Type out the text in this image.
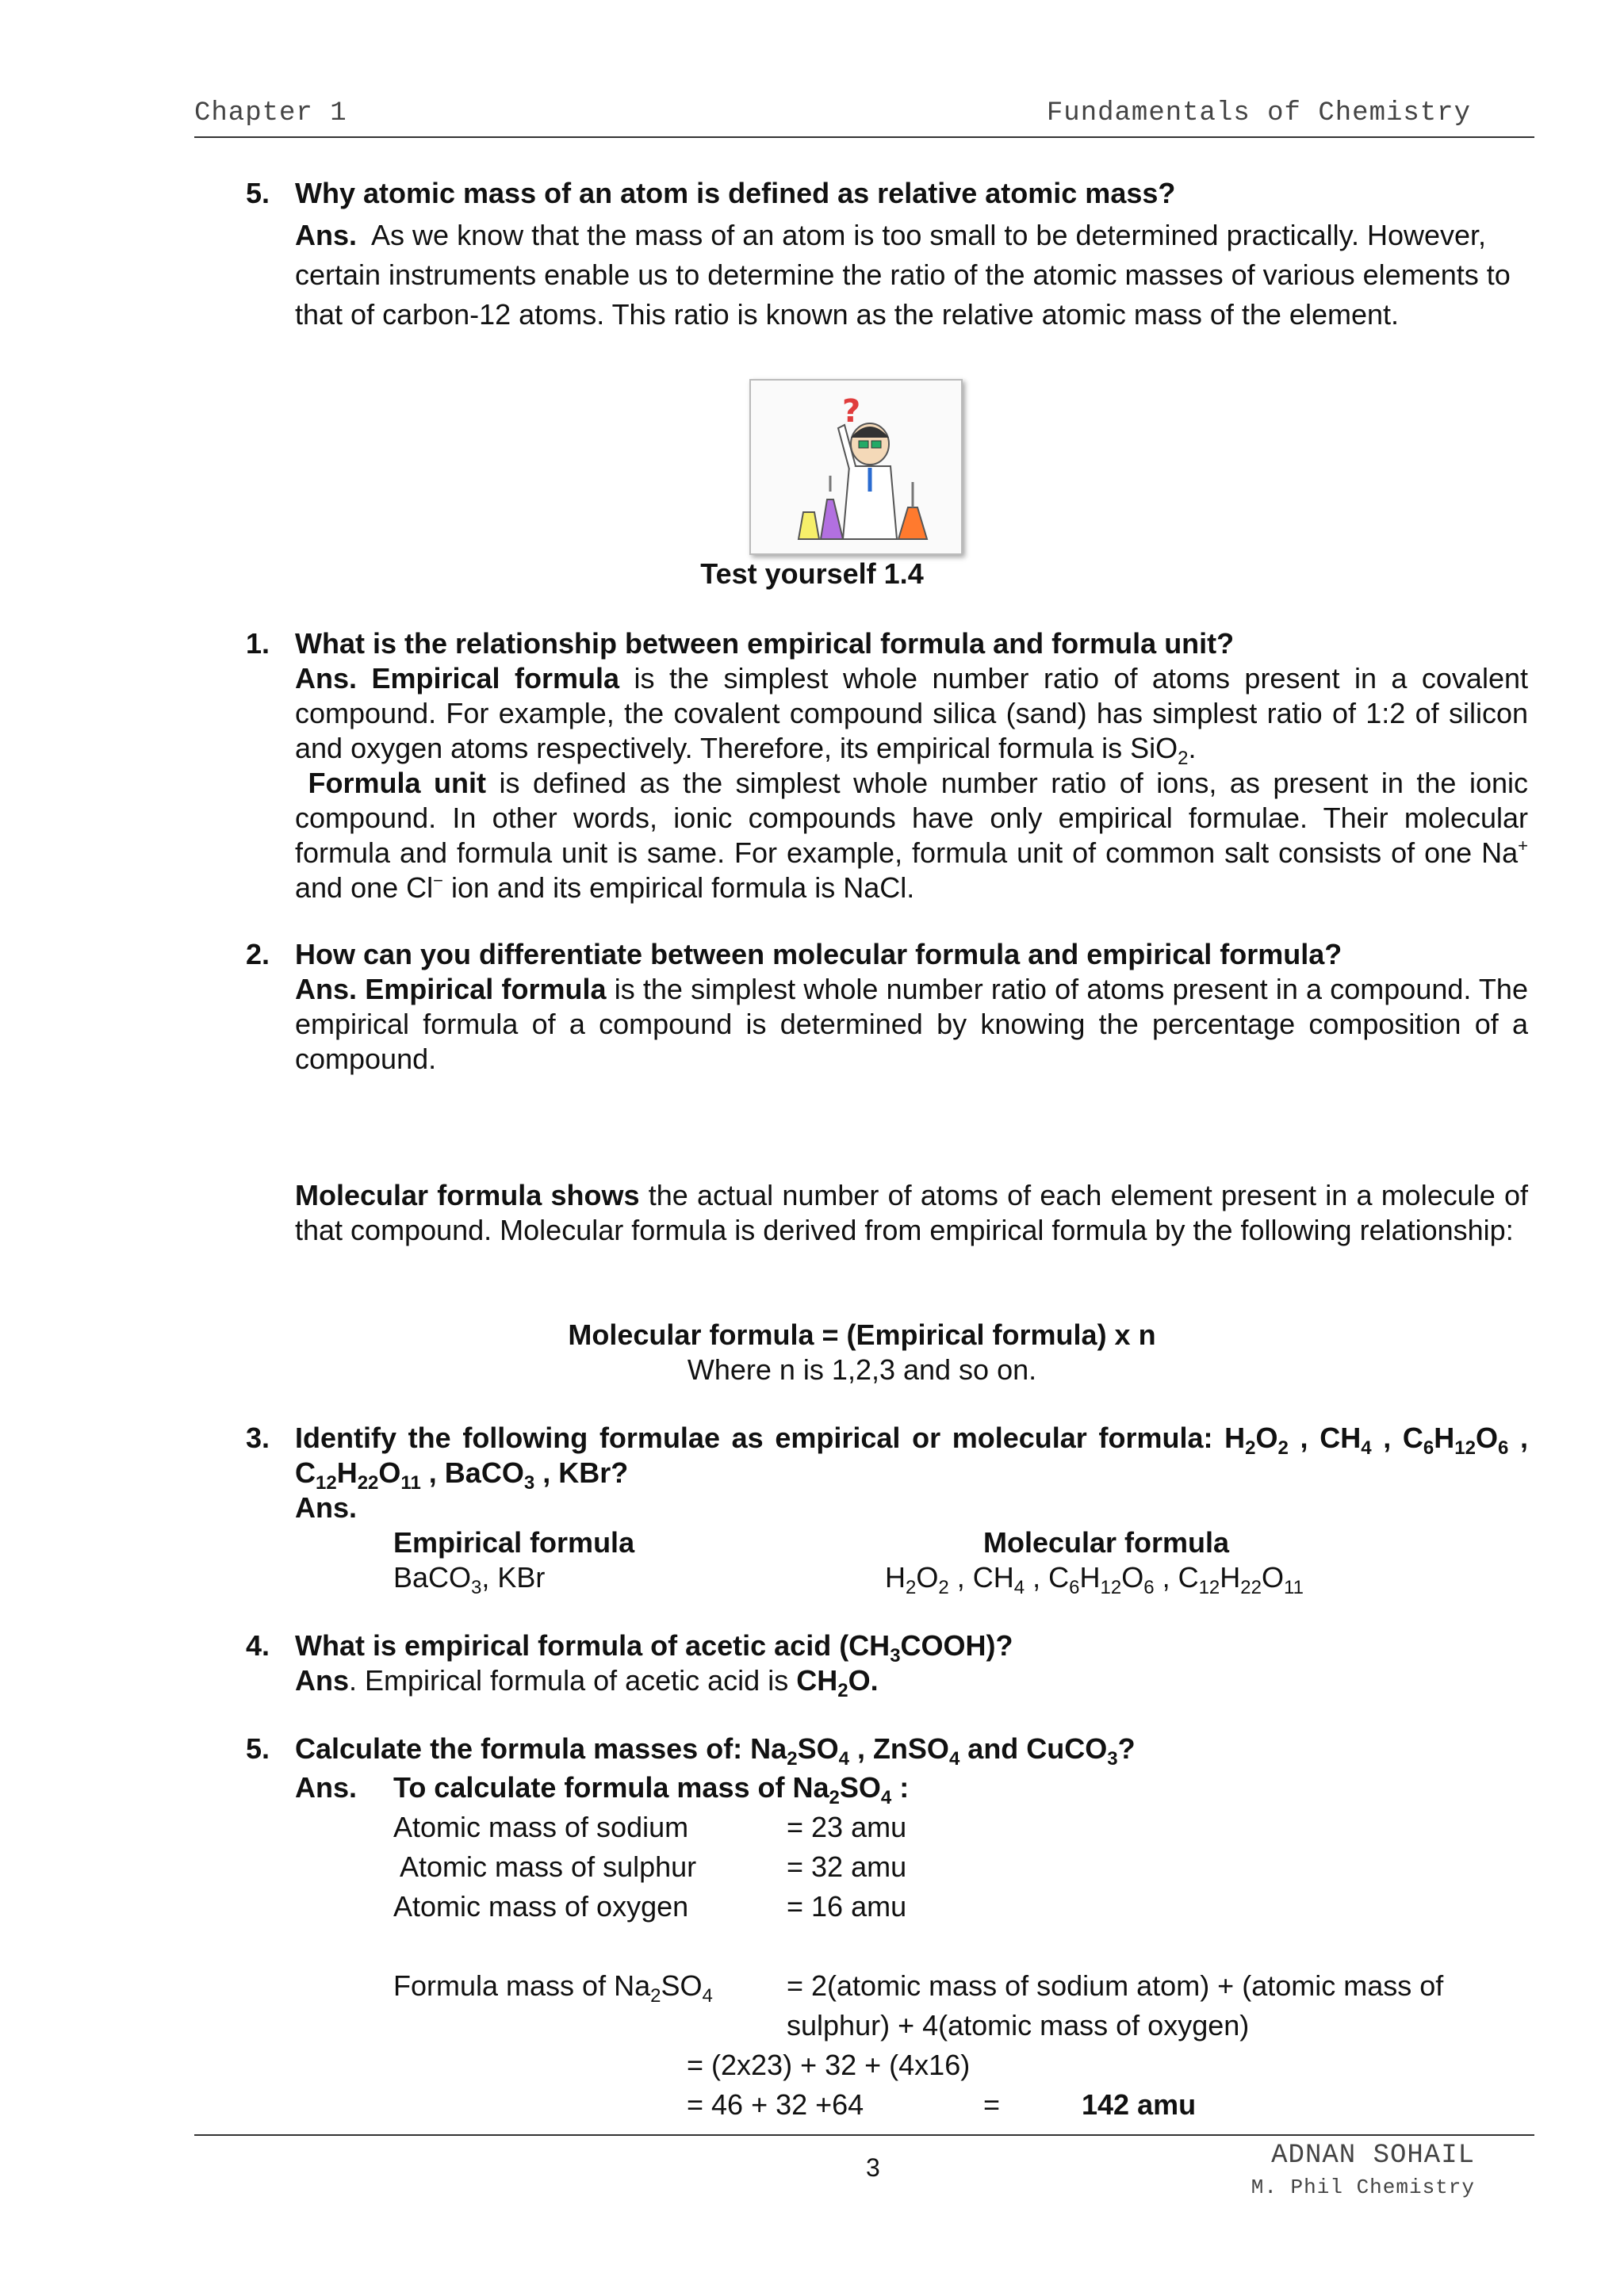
Chapter 1	Fundamentals of Chemistry
5. Why atomic mass of an atom is defined as relative atomic mass?
Ans. As we know that the mass of an atom is too small to be determined practically. However, certain instruments enable us to determine the ratio of the atomic masses of various elements to that of carbon-12 atoms. This ratio is known as the relative atomic mass of the element.
?
Test yourself 1.4
1. What is the relationship between empirical formula and formula unit?
Ans. Empirical formula is the simplest whole number ratio of atoms present in a covalent compound. For example, the covalent compound silica (sand) has simplest ratio of 1:2 of silicon and oxygen atoms respectively. Therefore, its empirical formula is SiO$_2$.
Formula unit is defined as the simplest whole number ratio of ions, as present in the ionic compound. In other words, ionic compounds have only empirical formulae. Their molecular formula and formula unit is same. For example, formula unit of common salt consists of one Na+ and one Cl− ion and its empirical formula is NaCl.
2. How can you differentiate between molecular formula and empirical formula?
Ans. Empirical formula is the simplest whole number ratio of atoms present in a compound. The empirical formula of a compound is determined by knowing the percentage composition of a compound.
Molecular formula shows the actual number of atoms of each element present in a molecule of that compound. Molecular formula is derived from empirical formula by the following relationship:
Molecular formula = (Empirical formula) x n
Where n is 1,2,3 and so on.
3. Identify the following formulae as empirical or molecular formula: $H_2O_2$ , $CH_4$ , $C_6H_{12}O_6$ , $C_{12}H_{22}O_{11}$ , BaCO$_3$ , KBr?
Ans.
Empirical formula	Molecular formula
BaCO$_3$, KBr	$H_2O_2$ , $CH_4$ , $C_6H_{12}O_6$ , $C_{12}H_{22}O_{11}$
4. What is empirical formula of acetic acid $(CH_3COOH)$?
Ans. Empirical formula of acetic acid is $CH_2O$.
5. Calculate the formula masses of: $Na_2SO_4$ , ZnSO$_4$ and CuCO$_3$?
Ans. To calculate formula mass of $Na_2SO_4$ :
Atomic mass of sodium	= 23 amu
Atomic mass of sulphur	= 32 amu
Atomic mass of oxygen	= 16 amu
Formula mass of $Na_2SO_4$	= 2(atomic mass of sodium atom) + (atomic mass of
sulphur) + 4(atomic mass of oxygen)
= (2x23) + 32 + (4x16)
= 46 + 32 +64	=	142 amu
3	ADNAN SOHAIL
M. Phil Chemistry
